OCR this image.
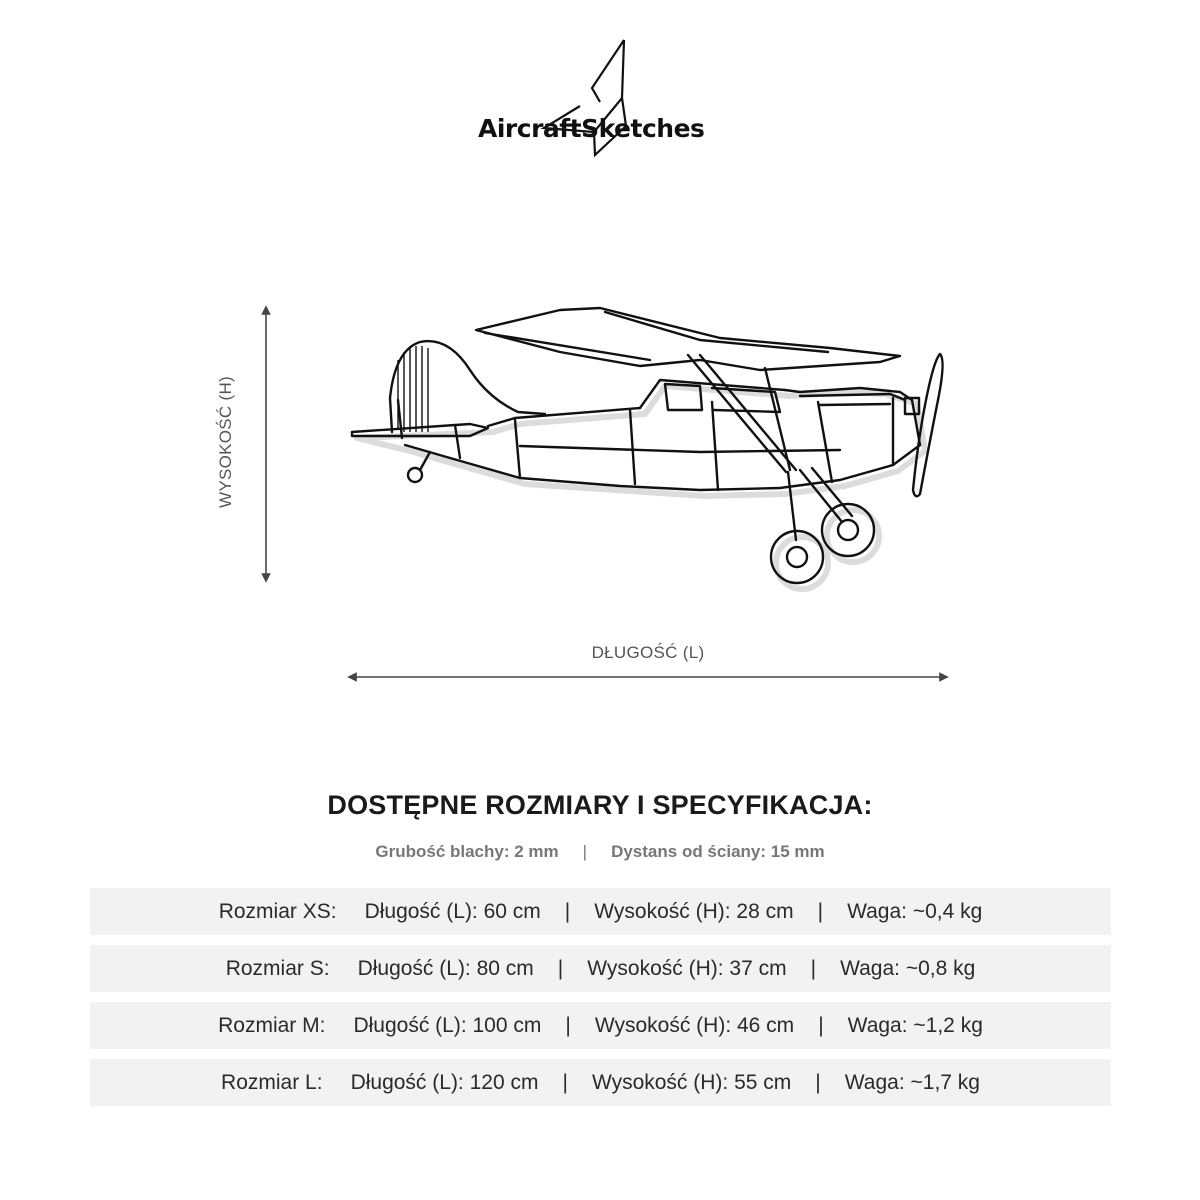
AircraftSketches
WYSOKOŚĆ (H)
DŁUGOŚĆ (L)
DOSTĘPNE ROZMIARY I SPECYFIKACJA:
Grubość blachy: 2 mm | Dystans od ściany: 15 mm
Rozmiar XS: Długość (L): 60 cm | Wysokość (H): 28 cm | Waga: ~0,4 kg
Rozmiar S: Długość (L): 80 cm | Wysokość (H): 37 cm | Waga: ~0,8 kg
Rozmiar M: Długość (L): 100 cm | Wysokość (H): 46 cm | Waga: ~1,2 kg
Rozmiar L: Długość (L): 120 cm | Wysokość (H): 55 cm | Waga: ~1,7 kg
